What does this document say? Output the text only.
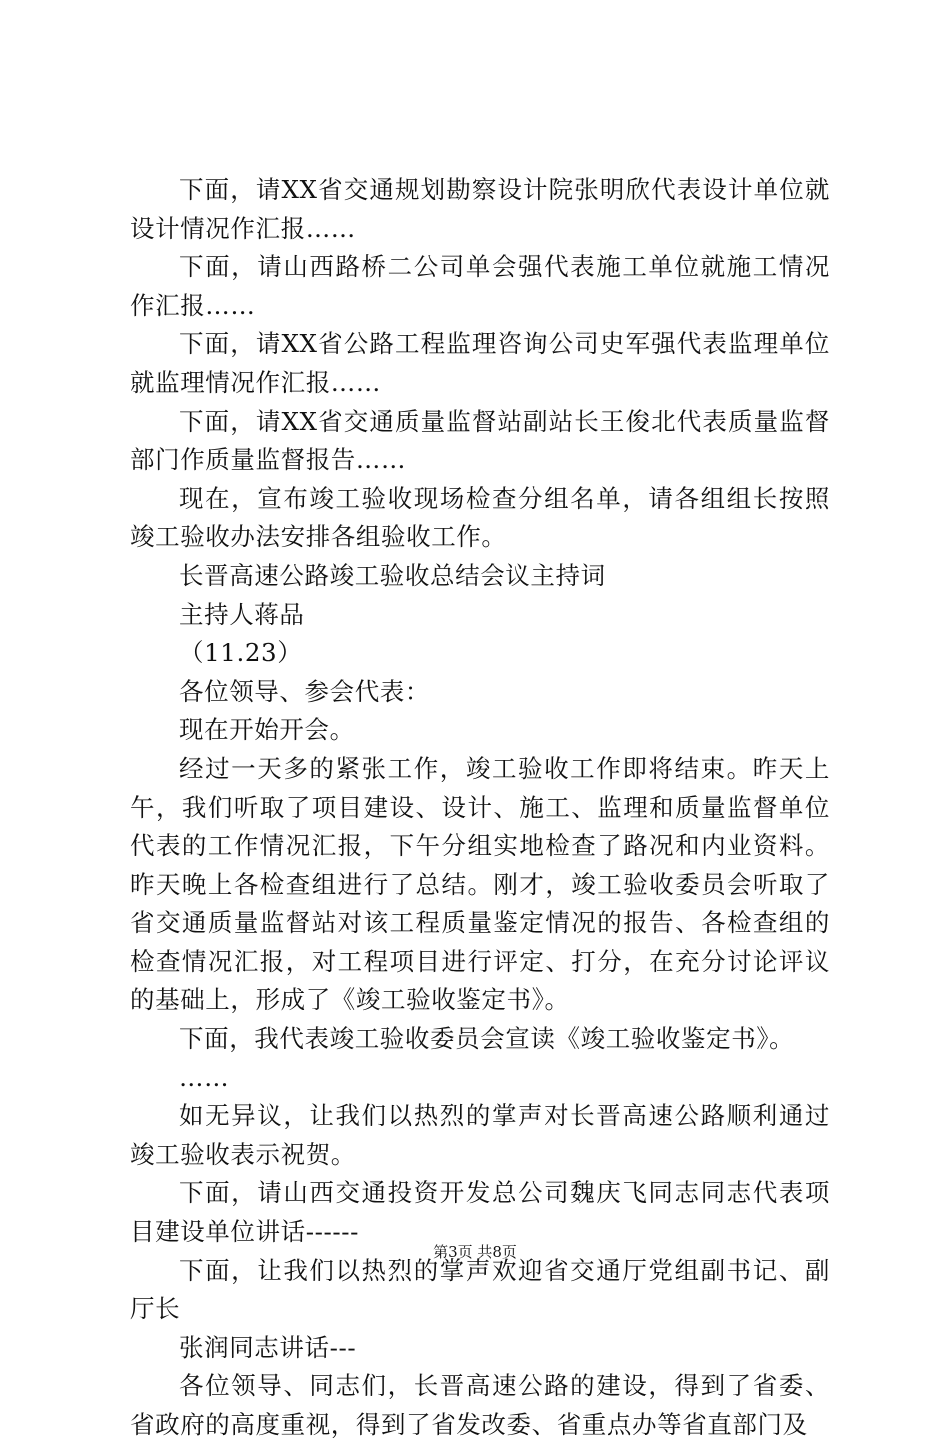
下面，请XX省交通规划勘察设计院张明欣代表设计单位就设计情况作汇报……

下面，请山西路桥二公司单会强代表施工单位就施工情况作汇报……

下面，请XX省公路工程监理咨询公司史军强代表监理单位就监理情况作汇报……

下面，请XX省交通质量监督站副站长王俊北代表质量监督部门作质量监督报告……

现在，宣布竣工验收现场检查分组名单，请各组组长按照竣工验收办法安排各组验收工作。

长晋高速公路竣工验收总结会议主持词

主持人蒋品

（11.23）

各位领导、参会代表：

现在开始开会。

经过一天多的紧张工作，竣工验收工作即将结束。昨天上午，我们听取了项目建设、设计、施工、监理和质量监督单位代表的工作情况汇报，下午分组实地检查了路况和内业资料。昨天晚上各检查组进行了总结。刚才，竣工验收委员会听取了省交通质量监督站对该工程质量鉴定情况的报告、各检查组的检查情况汇报，对工程项目进行评定、打分，在充分讨论评议的基础上，形成了《竣工验收鉴定书》。

下面，我代表竣工验收委员会宣读《竣工验收鉴定书》。

……

如无异议，让我们以热烈的掌声对长晋高速公路顺利通过竣工验收表示祝贺。

下面，请山西交通投资开发总公司魏庆飞同志同志代表项目建设单位讲话------

下面，让我们以热烈的掌声欢迎省交通厅党组副书记、副厅长

张润同志讲话---

各位领导、同志们，长晋高速公路的建设，得到了省委、省政府的高度重视，得到了省发改委、省重点办等省直部门及

第3页 共8页
